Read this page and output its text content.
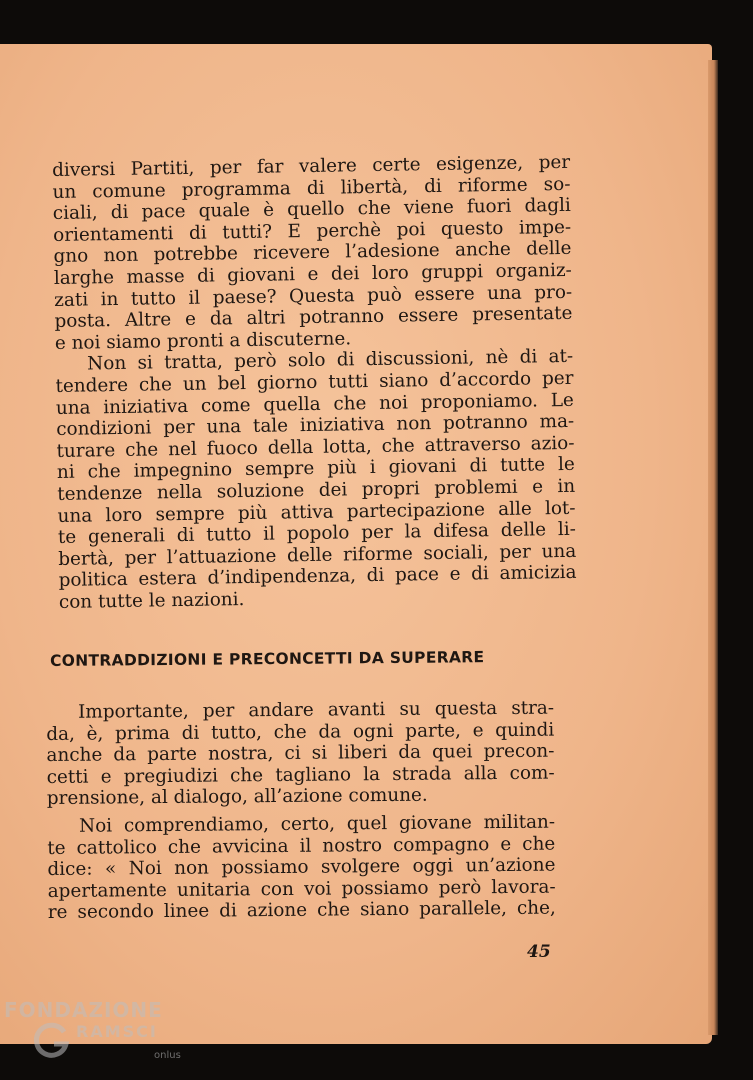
diversi Partiti, per far valere certe esigenze, per
un comune programma di libertà, di riforme so-
ciali, di pace quale è quello che viene fuori dagli
orientamenti di tutti? E perchè poi questo impe-
gno non potrebbe ricevere l’adesione anche delle
larghe masse di giovani e dei loro gruppi organiz-
zati in tutto il paese? Questa può essere una pro-
posta. Altre e da altri potranno essere presentate
e noi siamo pronti a discuterne.
Non si tratta, però solo di discussioni, nè di at-
tendere che un bel giorno tutti siano d’accordo per
una iniziativa come quella che noi proponiamo. Le
condizioni per una tale iniziativa non potranno ma-
turare che nel fuoco della lotta, che attraverso azio-
ni che impegnino sempre più i giovani di tutte le
tendenze nella soluzione dei propri problemi e in
una loro sempre più attiva partecipazione alle lot-
te generali di tutto il popolo per la difesa delle li-
bertà, per l’attuazione delle riforme sociali, per una
politica estera d’indipendenza, di pace e di amicizia
con tutte le nazioni.
CONTRADDIZIONI E PRECONCETTI DA SUPERARE
Importante, per andare avanti su questa stra-
da, è, prima di tutto, che da ogni parte, e quindi
anche da parte nostra, ci si liberi da quei precon-
cetti e pregiudizi che tagliano la strada alla com-
prensione, al dialogo, all’azione comune.
Noi comprendiamo, certo, quel giovane militan-
te cattolico che avvicina il nostro compagno e che
dice: « Noi non possiamo svolgere oggi un’azione
apertamente unitaria con voi possiamo però lavora-
re secondo linee di azione che siano parallele, che,
45
FONDAZIONE
RAMSCI
onlus
